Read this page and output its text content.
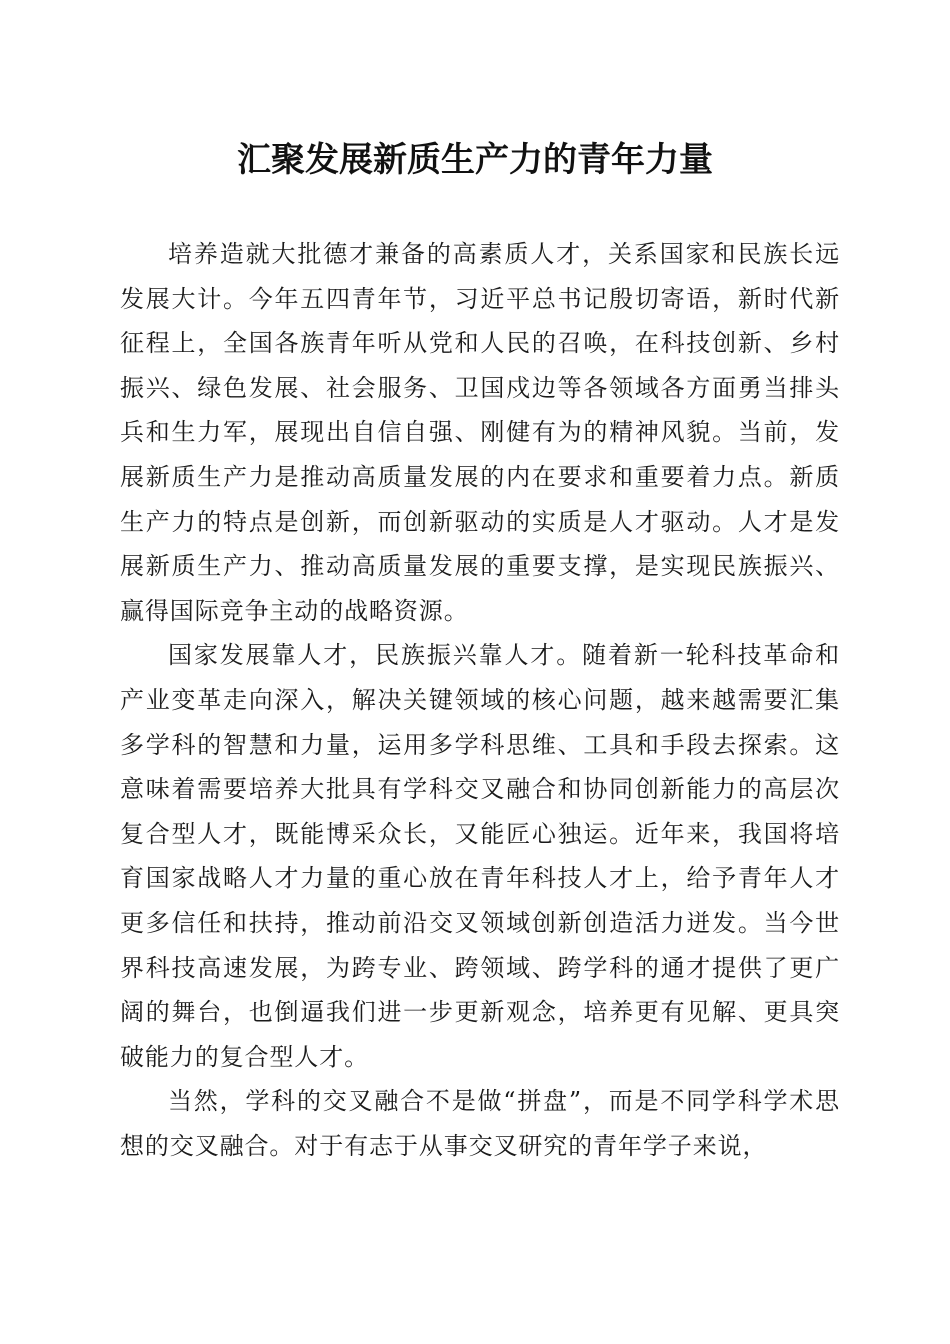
汇聚发展新质生产力的青年力量

培养造就大批德才兼备的高素质人才，关系国家和民族长远发展大计。今年五四青年节，习近平总书记殷切寄语，新时代新征程上，全国各族青年听从党和人民的召唤，在科技创新、乡村振兴、绿色发展、社会服务、卫国戍边等各领域各方面勇当排头兵和生力军，展现出自信自强、刚健有为的精神风貌。当前，发展新质生产力是推动高质量发展的内在要求和重要着力点。新质生产力的特点是创新，而创新驱动的实质是人才驱动。人才是发展新质生产力、推动高质量发展的重要支撑，是实现民族振兴、赢得国际竞争主动的战略资源。

国家发展靠人才，民族振兴靠人才。随着新一轮科技革命和产业变革走向深入，解决关键领域的核心问题，越来越需要汇集多学科的智慧和力量，运用多学科思维、工具和手段去探索。这意味着需要培养大批具有学科交叉融合和协同创新能力的高层次复合型人才，既能博采众长，又能匠心独运。近年来，我国将培育国家战略人才力量的重心放在青年科技人才上，给予青年人才更多信任和扶持，推动前沿交叉领域创新创造活力迸发。当今世界科技高速发展，为跨专业、跨领域、跨学科的通才提供了更广阔的舞台，也倒逼我们进一步更新观念，培养更有见解、更具突破能力的复合型人才。

当然，学科的交叉融合不是做“拼盘”，而是不同学科学术思想的交叉融合。对于有志于从事交叉研究的青年学子来说，
